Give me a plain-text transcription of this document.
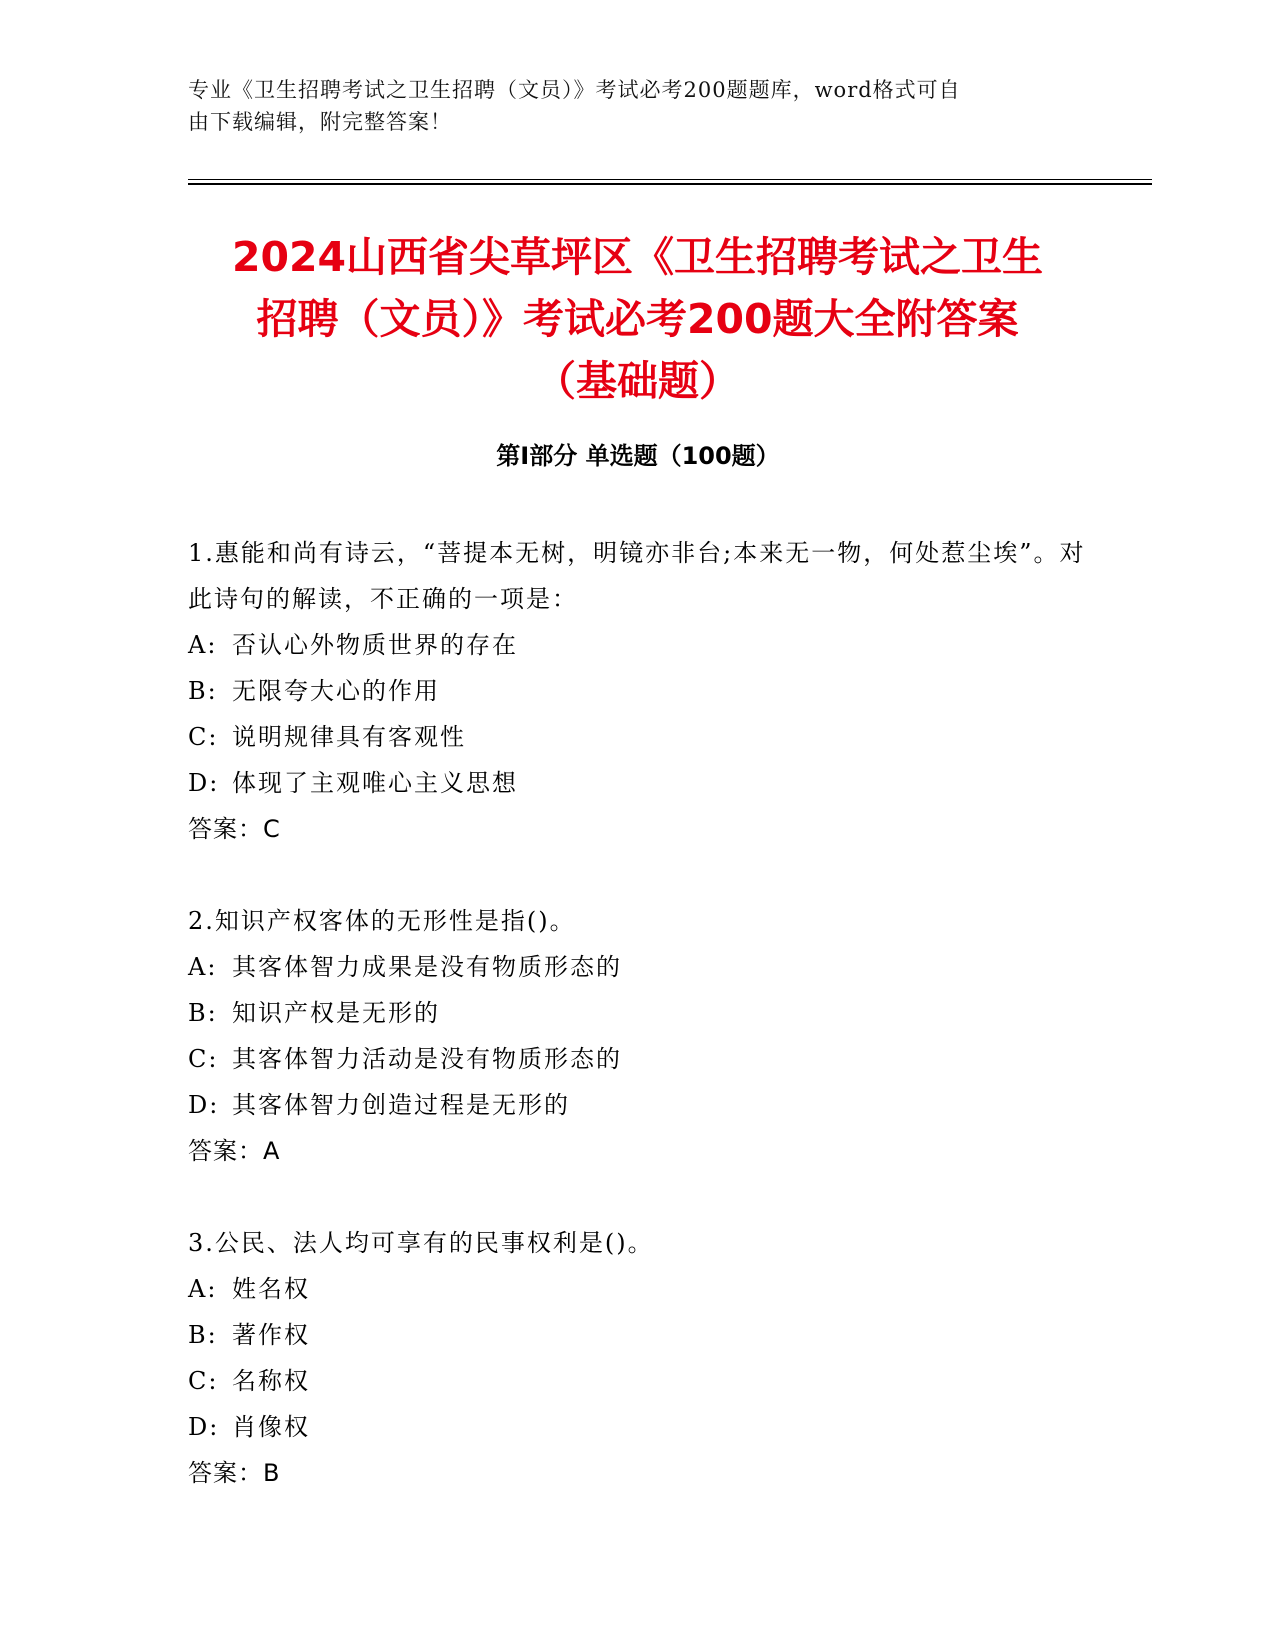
专业《卫生招聘考试之卫生招聘（文员）》考试必考200题题库，word格式可自
由下载编辑，附完整答案！
2024山西省尖草坪区《卫生招聘考试之卫生
招聘（文员）》考试必考200题大全附答案
（基础题）
第I部分 单选题（100题）

1.惠能和尚有诗云，“菩提本无树，明镜亦非台;本来无一物，何处惹尘埃”。对此诗句的解读，不正确的一项是：

A: 否认心外物质世界的存在

B: 无限夸大心的作用

C: 说明规律具有客观性

D: 体现了主观唯心主义思想

答案：C

2.知识产权客体的无形性是指()。

A: 其客体智力成果是没有物质形态的

B: 知识产权是无形的

C: 其客体智力活动是没有物质形态的

D: 其客体智力创造过程是无形的

答案：A

3.公民、法人均可享有的民事权利是()。

A: 姓名权

B: 著作权

C: 名称权

D: 肖像权

答案：B
